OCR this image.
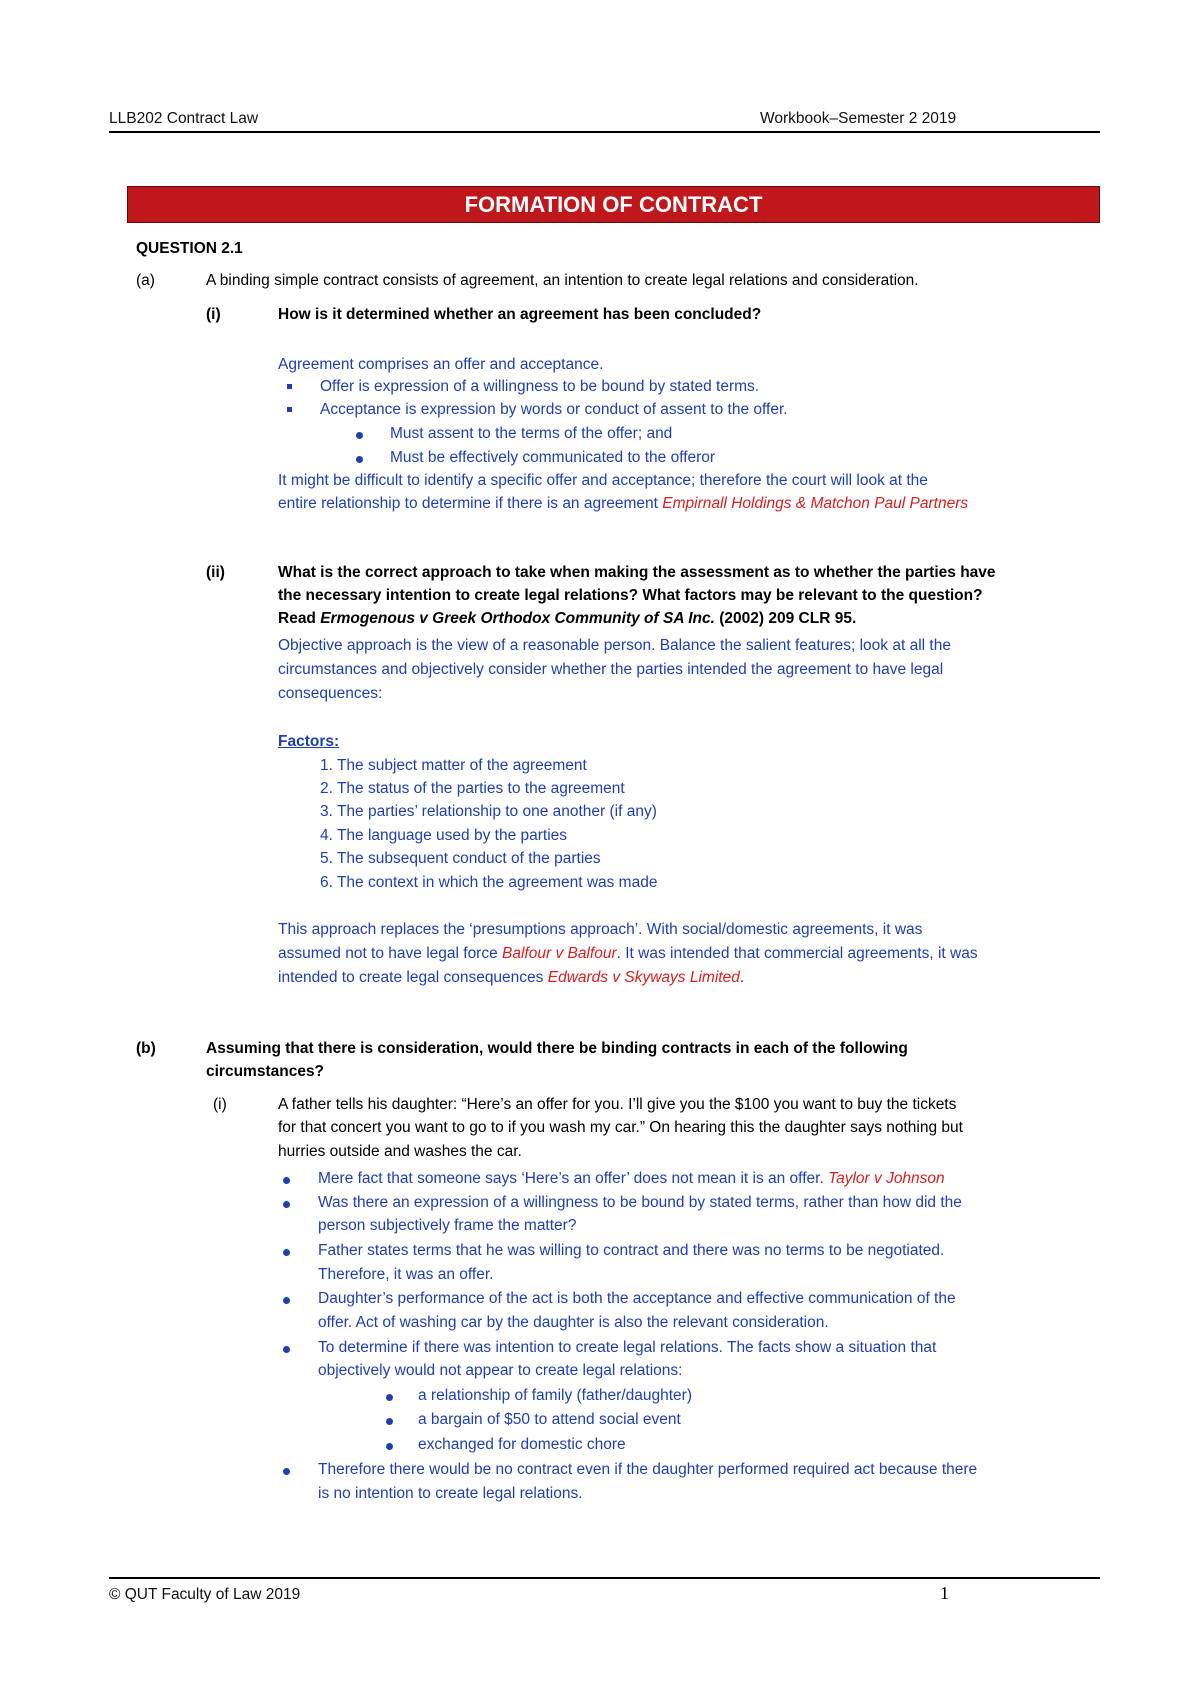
LLB202 Contract Law	Workbook–Semester 2 2019
FORMATION OF CONTRACT
QUESTION 2.1
(a)	A binding simple contract consists of agreement, an intention to create legal relations and consideration.
(i)	How is it determined whether an agreement has been concluded?
Agreement comprises an offer and acceptance.
Offer is expression of a willingness to be bound by stated terms.
Acceptance is expression by words or conduct of assent to the offer.
Must assent to the terms of the offer; and
Must be effectively communicated to the offeror
It might be difficult to identify a specific offer and acceptance; therefore the court will look at the
entire relationship to determine if there is an agreement Empirnall Holdings & Matchon Paul Partners
(ii)	What is the correct approach to take when making the assessment as to whether the parties have
the necessary intention to create legal relations? What factors may be relevant to the question?
Read Ermogenous v Greek Orthodox Community of SA Inc. (2002) 209 CLR 95.
Objective approach is the view of a reasonable person. Balance the salient features; look at all the
circumstances and objectively consider whether the parties intended the agreement to have legal
consequences:
Factors:
1. The subject matter of the agreement
2. The status of the parties to the agreement
3. The parties’ relationship to one another (if any)
4. The language used by the parties
5. The subsequent conduct of the parties
6. The context in which the agreement was made
This approach replaces the ‘presumptions approach’. With social/domestic agreements, it was
assumed not to have legal force Balfour v Balfour. It was intended that commercial agreements, it was
intended to create legal consequences Edwards v Skyways Limited.
(b)	Assuming that there is consideration, would there be binding contracts in each of the following
circumstances?
(i)	A father tells his daughter: “Here’s an offer for you. I’ll give you the $100 you want to buy the tickets
for that concert you want to go to if you wash my car.” On hearing this the daughter says nothing but
hurries outside and washes the car.
Mere fact that someone says ‘Here’s an offer’ does not mean it is an offer. Taylor v Johnson
Was there an expression of a willingness to be bound by stated terms, rather than how did the
person subjectively frame the matter?
Father states terms that he was willing to contract and there was no terms to be negotiated.
Therefore, it was an offer.
Daughter’s performance of the act is both the acceptance and effective communication of the
offer. Act of washing car by the daughter is also the relevant consideration.
To determine if there was intention to create legal relations. The facts show a situation that
objectively would not appear to create legal relations:
a relationship of family (father/daughter)
a bargain of $50 to attend social event
exchanged for domestic chore
Therefore there would be no contract even if the daughter performed required act because there
is no intention to create legal relations.
© QUT Faculty of Law 2019	1
